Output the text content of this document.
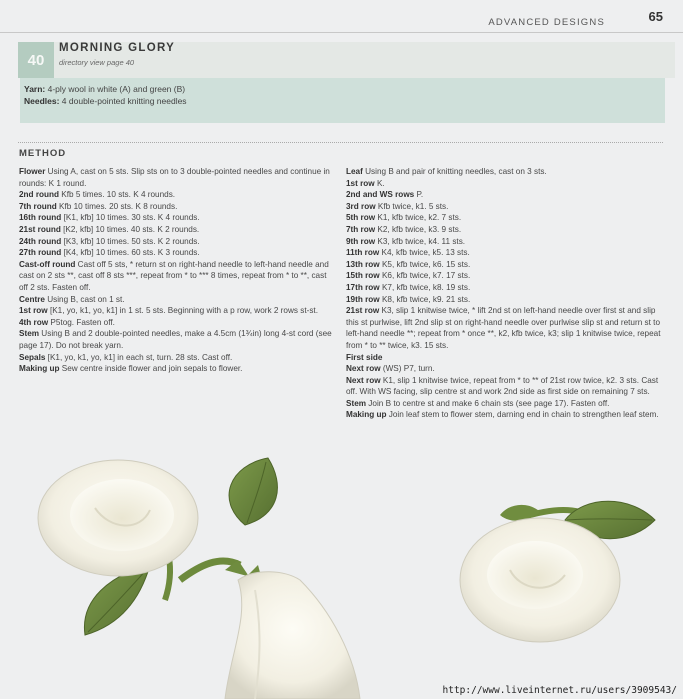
ADVANCED DESIGNS	65
40
MORNING GLORY
directory view page 40
Yarn: 4-ply wool in white (A) and green (B)
Needles: 4 double-pointed knitting needles
METHOD

Flower Using A, cast on 5 sts. Slip sts on to 3 double-pointed needles and continue in rounds: K 1 round.

2nd round Kfb 5 times. 10 sts. K 4 rounds.

7th round Kfb 10 times. 20 sts. K 8 rounds.

16th round [K1, kfb] 10 times. 30 sts. K 4 rounds.

21st round [K2, kfb] 10 times. 40 sts. K 2 rounds.

24th round [K3, kfb] 10 times. 50 sts. K 2 rounds.

27th round [K4, kfb] 10 times. 60 sts. K 3 rounds.

Cast-off round Cast off 5 sts, * return st on right-hand needle to left-hand needle and cast on 2 sts **, cast off 8 sts ***, repeat from * to *** 8 times, repeat from * to **, cast off 2 sts. Fasten off.

Centre Using B, cast on 1 st.

1st row [K1, yo, k1, yo, k1] in 1 st. 5 sts. Beginning with a p row, work 2 rows st-st.

4th row P5tog. Fasten off.

Stem Using B and 2 double-pointed needles, make a 4.5cm (1¾in) long 4-st cord (see page 17). Do not break yarn.

Sepals [K1, yo, k1, yo, k1] in each st, turn. 28 sts. Cast off.

Making up Sew centre inside flower and join sepals to flower.

Leaf Using B and pair of knitting needles, cast on 3 sts.

1st row K.

2nd and WS rows P.

3rd row Kfb twice, k1. 5 sts.

5th row K1, kfb twice, k2. 7 sts.

7th row K2, kfb twice, k3. 9 sts.

9th row K3, kfb twice, k4. 11 sts.

11th row K4, kfb twice, k5. 13 sts.

13th row K5, kfb twice, k6. 15 sts.

15th row K6, kfb twice, k7. 17 sts.

17th row K7, kfb twice, k8. 19 sts.

19th row K8, kfb twice, k9. 21 sts.

21st row K3, slip 1 knitwise twice, * lift 2nd st on left-hand needle over first st and slip this st purlwise, lift 2nd slip st on right-hand needle over purlwise slip st and return st to left-hand needle **; repeat from * once **, k2, kfb twice, k3; slip 1 knitwise twice, repeat from * to ** twice, k3. 15 sts.

First side

Next row (WS) P7, turn.

Next row K1, slip 1 knitwise twice, repeat from * to ** of 21st row twice, k2. 3 sts. Cast off. With WS facing, slip centre st and work 2nd side as first side on remaining 7 sts.

Stem Join B to centre st and make 6 chain sts (see page 17). Fasten off.

Making up Join leaf stem to flower stem, darning end in chain to strengthen leaf stem.

http://www.liveinternet.ru/users/3909543/
